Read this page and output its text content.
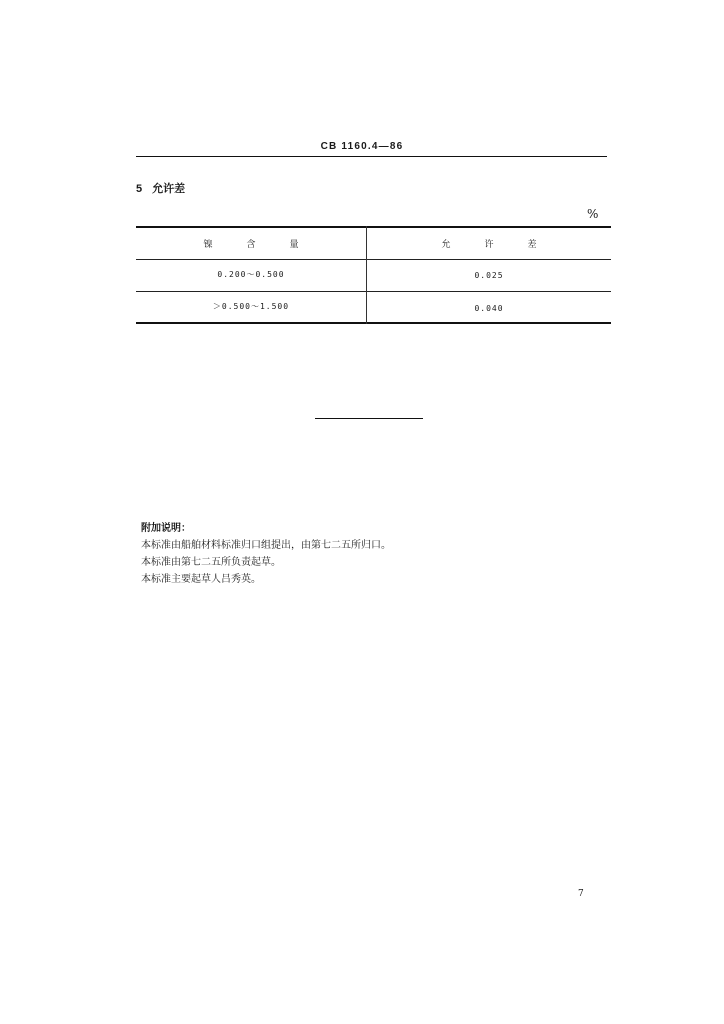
CB 1160.4—86
5 允许差
%
镍含量	允许差
0.200～0.500	0.025
＞0.500～1.500	0.040
附加说明：
本标准由船舶材料标准归口组提出，由第七二五所归口。
本标准由第七二五所负责起草。
本标准主要起草人吕秀英。
7
